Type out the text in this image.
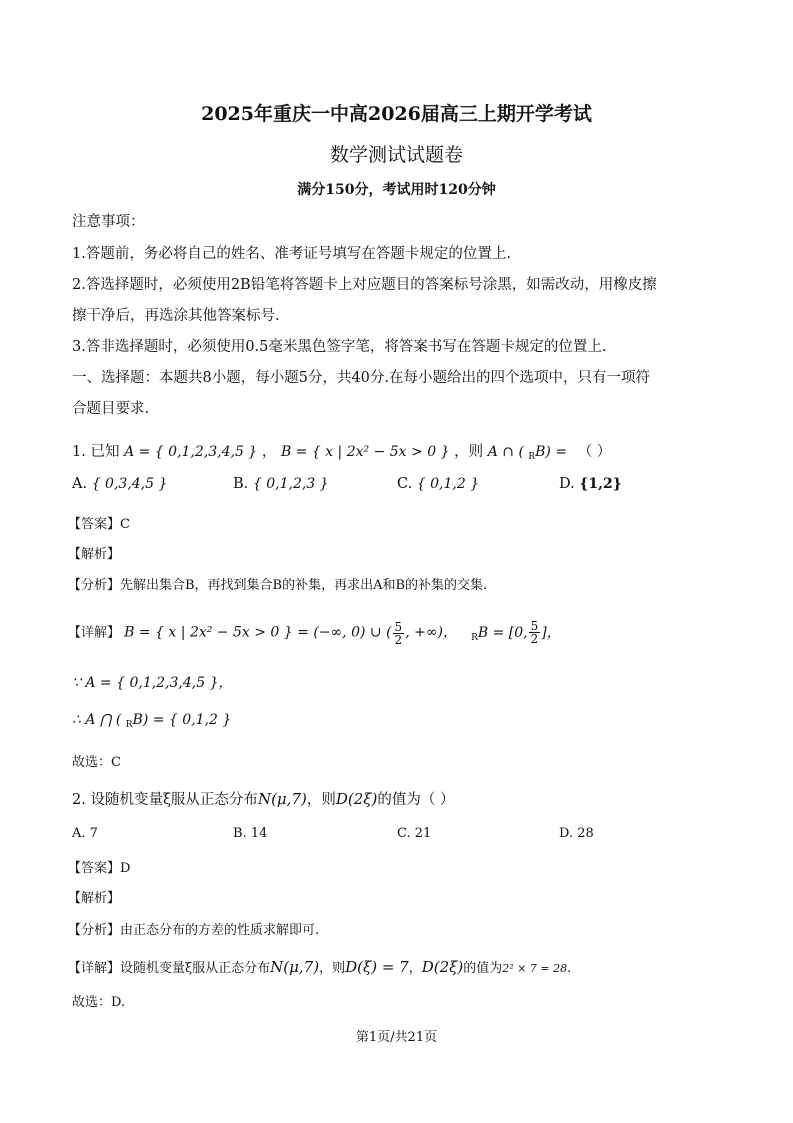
2025年重庆一中高2026届高三上期开学考试
数学测试试题卷
满分150分，考试用时120分钟
注意事项：
1.答题前，务必将自己的姓名、准考证号填写在答题卡规定的位置上.
2.答选择题时，必须使用2B铅笔将答题卡上对应题目的答案标号涂黑，如需改动，用橡皮擦
擦干净后，再选涂其他答案标号.
3.答非选择题时，必须使用0.5毫米黑色签字笔，将答案书写在答题卡规定的位置上.
一、选择题：本题共8小题，每小题5分，共40分.在每小题给出的四个选项中，只有一项符
合题目要求.
1. 已知 A = { 0,1,2,3,4,5 } ， B = { x | 2x² − 5x > 0 } ，则 A ∩ ( $_R$B) = （ ）
A. { 0,3,4,5 }	B. { 0,1,2,3 }	C. { 0,1,2 }	D. {1,2}
【答案】C
【解析】
【分析】先解出集合B，再找到集合B的补集，再求出A和B的补集的交集.
【详解】 B = { x | 2x² − 5x > 0 } = (−∞, 0) ∪ ( $\frac{5}{2}$ , +∞)， $_R$B = [0, $\frac{5}{2}$ ]，
∵ A = { 0,1,2,3,4,5 }，
∴ A ⋂ ( $_R$B) = { 0,1,2 }
故选：C
2. 设随机变量ξ服从正态分布N(μ,7)，则D(2ξ)的值为（ ）
A. 7	B. 14	C. 21	D. 28
【答案】D
【解析】
【分析】由正态分布的方差的性质求解即可.
【详解】设随机变量ξ服从正态分布N(μ,7)，则D(ξ) = 7，D(2ξ)的值为2² × 7 = 28.
故选：D.
第1页/共21页
